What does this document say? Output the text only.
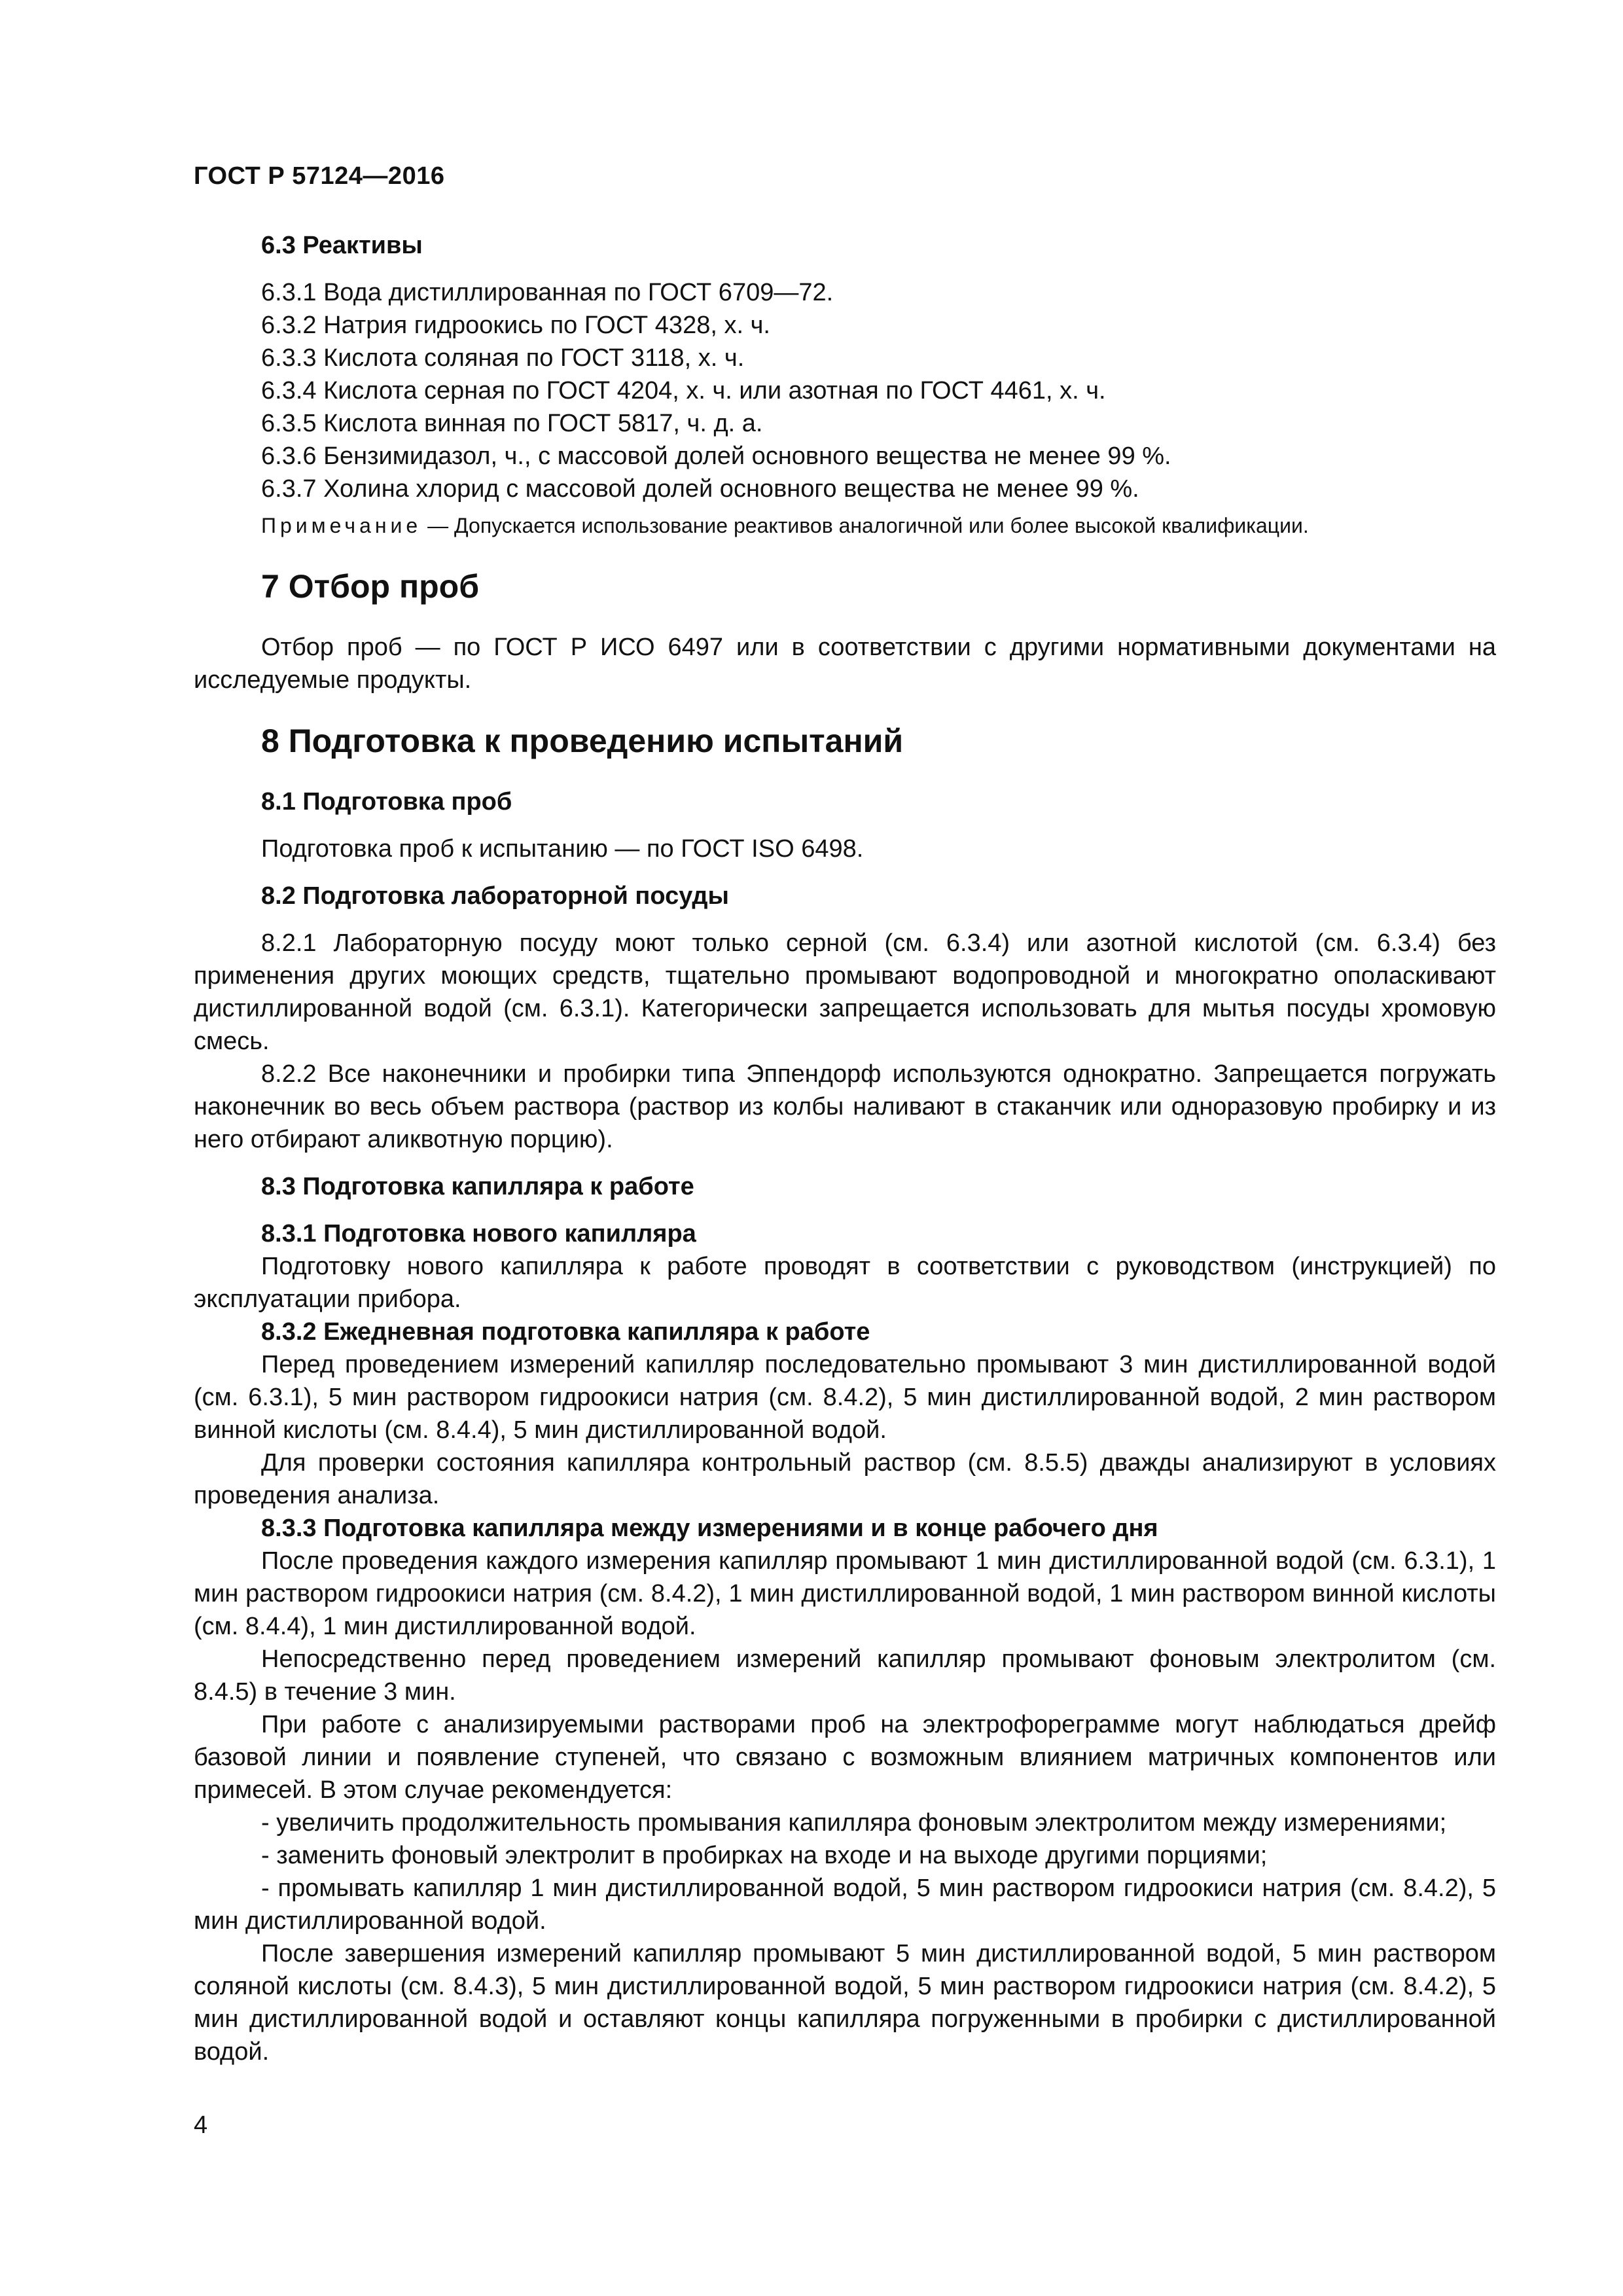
ГОСТ Р 57124—2016

6.3 Реактивы

6.3.1 Вода дистиллированная по ГОСТ 6709—72.

6.3.2 Натрия гидроокись по ГОСТ 4328, х. ч.

6.3.3 Кислота соляная по ГОСТ 3118, х. ч.

6.3.4 Кислота серная по ГОСТ 4204, х. ч. или азотная по ГОСТ 4461, х. ч.

6.3.5 Кислота винная по ГОСТ 5817, ч. д. а.

6.3.6 Бензимидазол, ч., с массовой долей основного вещества не менее 99 %.

6.3.7 Холина хлорид с массовой долей основного вещества не менее 99 %.

Примечание — Допускается использование реактивов аналогичной или более высокой квалификации.

7 Отбор проб

Отбор проб — по ГОСТ Р ИСО 6497 или в соответствии с другими нормативными документами на исследуемые продукты.

8 Подготовка к проведению испытаний

8.1 Подготовка проб

Подготовка проб к испытанию — по ГОСТ ISO 6498.

8.2 Подготовка лабораторной посуды

8.2.1 Лабораторную посуду моют только серной (см. 6.3.4) или азотной кислотой (см. 6.3.4) без применения других моющих средств, тщательно промывают водопроводной и многократно ополаскивают дистиллированной водой (см. 6.3.1). Категорически запрещается использовать для мытья посуды хромовую смесь.

8.2.2 Все наконечники и пробирки типа Эппендорф используются однократно. Запрещается погружать наконечник во весь объем раствора (раствор из колбы наливают в стаканчик или одноразовую пробирку и из него отбирают аликвотную порцию).

8.3 Подготовка капилляра к работе

8.3.1 Подготовка нового капилляра

Подготовку нового капилляра к работе проводят в соответствии с руководством (инструкцией) по эксплуатации прибора.

8.3.2 Ежедневная подготовка капилляра к работе

Перед проведением измерений капилляр последовательно промывают 3 мин дистиллированной водой (см. 6.3.1), 5 мин раствором гидроокиси натрия (см. 8.4.2), 5 мин дистиллированной водой, 2 мин раствором винной кислоты (см. 8.4.4), 5 мин дистиллированной водой.

Для проверки состояния капилляра контрольный раствор (см. 8.5.5) дважды анализируют в условиях проведения анализа.

8.3.3 Подготовка капилляра между измерениями и в конце рабочего дня

После проведения каждого измерения капилляр промывают 1 мин дистиллированной водой (см. 6.3.1), 1 мин раствором гидроокиси натрия (см. 8.4.2), 1 мин дистиллированной водой, 1 мин раствором винной кислоты (см. 8.4.4), 1 мин дистиллированной водой.

Непосредственно перед проведением измерений капилляр промывают фоновым электролитом (см. 8.4.5) в течение 3 мин.

При работе с анализируемыми растворами проб на электрофореграмме могут наблюдаться дрейф базовой линии и появление ступеней, что связано с возможным влиянием матричных компонентов или примесей. В этом случае рекомендуется:

- увеличить продолжительность промывания капилляра фоновым электролитом между измерениями;

- заменить фоновый электролит в пробирках на входе и на выходе другими порциями;

- промывать капилляр 1 мин дистиллированной водой, 5 мин раствором гидроокиси натрия (см. 8.4.2), 5 мин дистиллированной водой.

После завершения измерений капилляр промывают 5 мин дистиллированной водой, 5 мин раствором соляной кислоты (см. 8.4.3), 5 мин дистиллированной водой, 5 мин раствором гидроокиси натрия (см. 8.4.2), 5 мин дистиллированной водой и оставляют концы капилляра погруженными в пробирки с дистиллированной водой.

4
